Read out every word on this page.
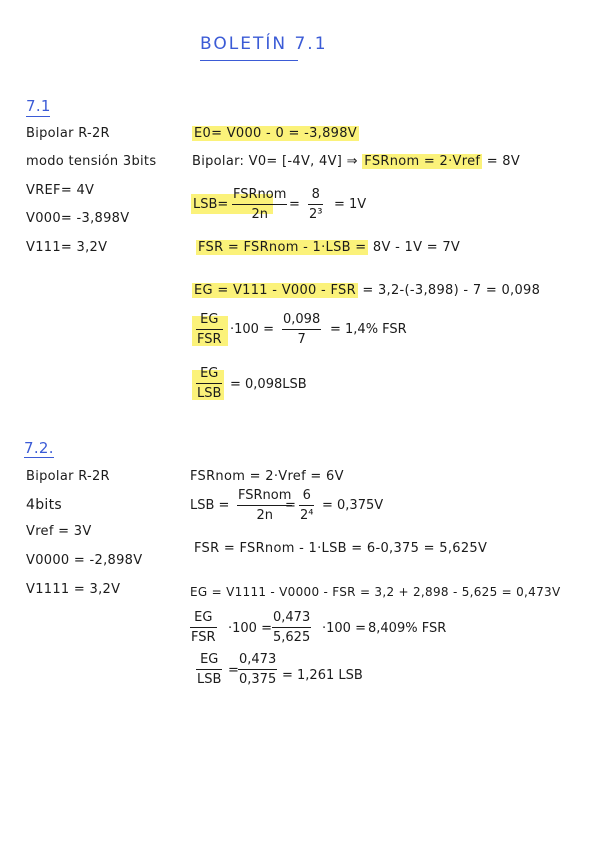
BOLETÍN 7.1
7.1
Bipolar R-2R
modo tensión 3bits
VREF= 4V
V000= -3,898V
V111= 3,2V
E0= V000 - 0 = -3,898V
Bipolar: V0= [-4V, 4V] ⇒ FSRnom = 2·Vref = 8V
LSB=
FSRnom
2n
=
8
2³
= 1V
FSR = FSRnom - 1·LSB = 8V - 1V = 7V
EG = V111 - V000 - FSR = 3,2-(-3,898) - 7 = 0,098
EG
FSR
·100 =
0,098
7
= 1,4% FSR
EG
LSB
= 0,098LSB
7.2.
Bipolar R-2R
4bits
Vref = 3V
V0000 = -2,898V
V1111 = 3,2V
FSRnom = 2·Vref = 6V
LSB =
FSRnom
2n
=
6
2⁴
= 0,375V
FSR = FSRnom - 1·LSB = 6-0,375 = 5,625V
EG = V1111 - V0000 - FSR = 3,2 + 2,898 - 5,625 = 0,473V
EG
FSR
·100 =
0,473
5,625
·100 = 8,409% FSR
EG
LSB
=
0,473
0,375 = 1,261 LSB
